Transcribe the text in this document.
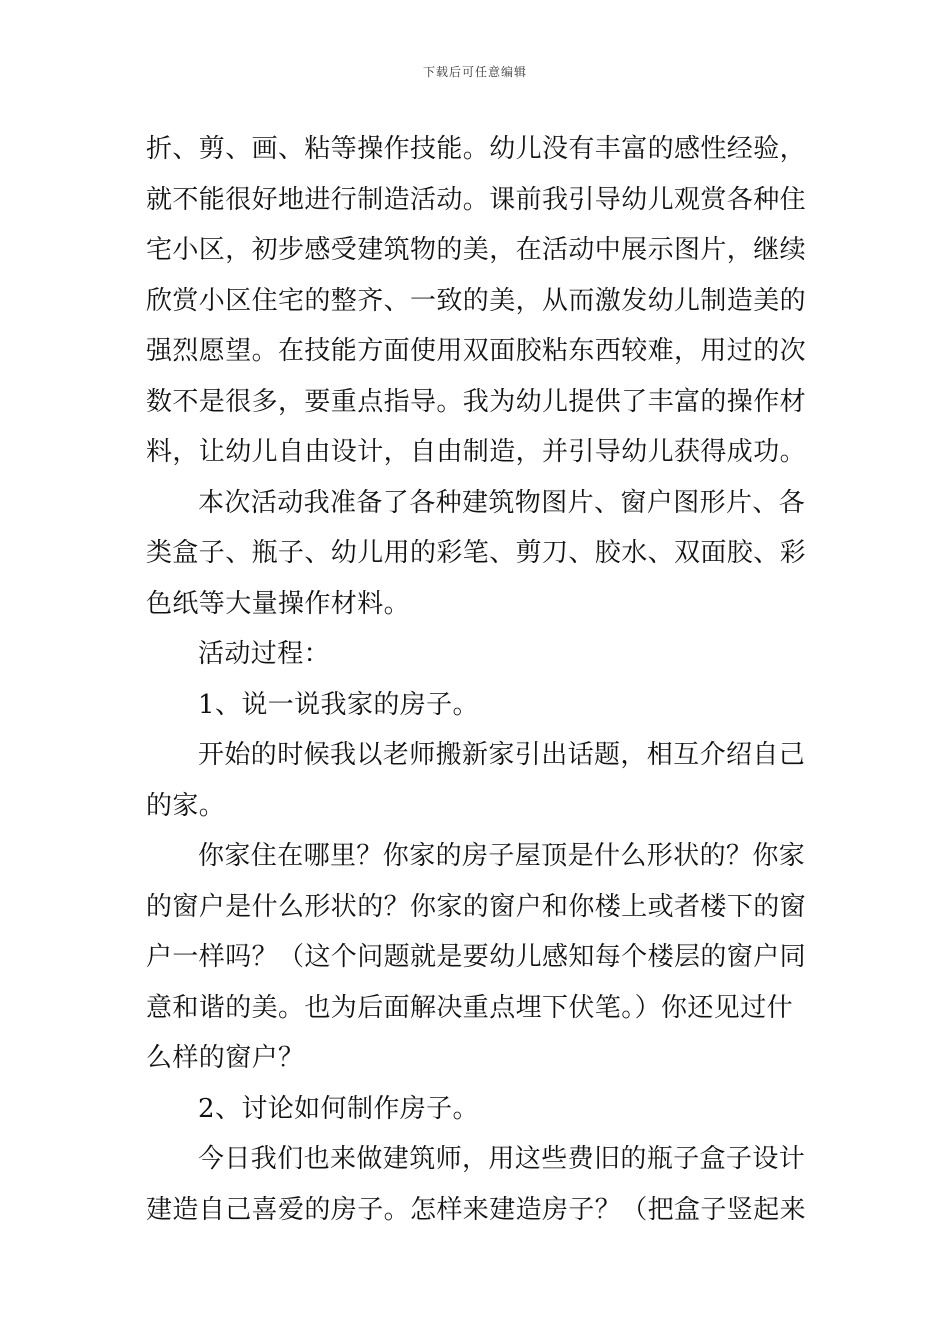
下载后可任意编辑
折、剪、画、粘等操作技能。幼儿没有丰富的感性经验，
就不能很好地进行制造活动。课前我引导幼儿观赏各种住
宅小区，初步感受建筑物的美，在活动中展示图片，继续
欣赏小区住宅的整齐、一致的美，从而激发幼儿制造美的
强烈愿望。在技能方面使用双面胶粘东西较难，用过的次
数不是很多，要重点指导。我为幼儿提供了丰富的操作材
料，让幼儿自由设计，自由制造，并引导幼儿获得成功。
本次活动我准备了各种建筑物图片、窗户图形片、各
类盒子、瓶子、幼儿用的彩笔、剪刀、胶水、双面胶、彩
色纸等大量操作材料。
活动过程：
1、说一说我家的房子。
开始的时候我以老师搬新家引出话题，相互介绍自己
的家。
你家住在哪里？你家的房子屋顶是什么形状的？你家
的窗户是什么形状的？你家的窗户和你楼上或者楼下的窗
户一样吗？（这个问题就是要幼儿感知每个楼层的窗户同
意和谐的美。也为后面解决重点埋下伏笔。）你还见过什
么样的窗户？
2、讨论如何制作房子。
今日我们也来做建筑师，用这些费旧的瓶子盒子设计
建造自己喜爱的房子。怎样来建造房子？（把盒子竖起来
